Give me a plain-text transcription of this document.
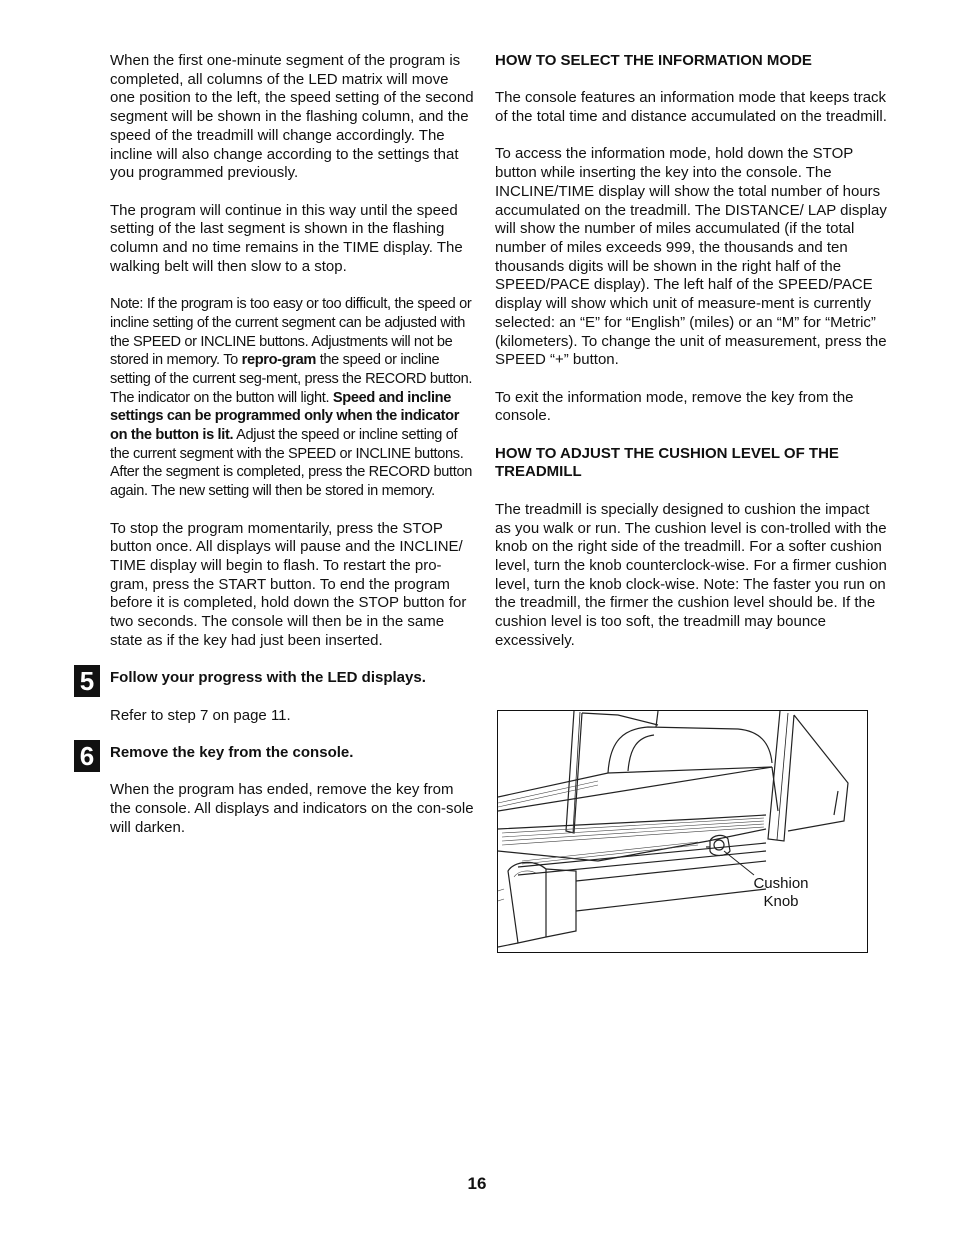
When the first one-minute segment of the program is completed, all columns of the LED matrix will move one position to the left, the speed setting of the second segment will be shown in the flashing column, and the speed of the treadmill will change accordingly. The incline will also change according to the settings that you programmed previously.

The program will continue in this way until the speed setting of the last segment is shown in the flashing column and no time remains in the TIME display. The walking belt will then slow to a stop.

Note: If the program is too easy or too difficult, the speed or incline setting of the current segment can be adjusted with the SPEED or INCLINE buttons. Adjustments will not be stored in memory. To repro-gram the speed or incline setting of the current seg-ment, press the RECORD button. The indicator on the button will light. Speed and incline settings can be programmed only when the indicator on the button is lit. Adjust the speed or incline setting of the current segment with the SPEED or INCLINE buttons. After the segment is completed, press the RECORD button again. The new setting will then be stored in memory.

To stop the program momentarily, press the STOP button once. All displays will pause and the INCLINE/ TIME display will begin to flash. To restart the pro-gram, press the START button. To end the program before it is completed, hold down the STOP button for two seconds. The console will then be in the same state as if the key had just been inserted.

5	Follow your progress with the LED displays.

Refer to step 7 on page 11.

6	Remove the key from the console.

When the program has ended, remove the key from the console. All displays and indicators on the con-sole will darken.

HOW TO SELECT THE INFORMATION MODE

The console features an information mode that keeps track of the total time and distance accumulated on the treadmill.

To access the information mode, hold down the STOP button while inserting the key into the console. The INCLINE/TIME display will show the total number of hours accumulated on the treadmill. The DISTANCE/ LAP display will show the number of miles accumulated (if the total number of miles exceeds 999, the thousands and ten thousands digits will be shown in the right half of the SPEED/PACE display). The left half of the SPEED/PACE display will show which unit of measure-ment is currently selected: an “E” for “English” (miles) or an “M” for “Metric” (kilometers). To change the unit of measurement, press the SPEED “+” button.

To exit the information mode, remove the key from the console.

HOW TO ADJUST THE CUSHION LEVEL OF THE TREADMILL

The treadmill is specially designed to cushion the impact as you walk or run. The cushion level is con-trolled with the knob on the right side of the treadmill. For a softer cushion level, turn the knob counterclock-wise. For a firmer cushion level, turn the knob clock-wise. Note: The faster you run on the treadmill, the firmer the cushion level should be. If the cushion level is too soft, the treadmill may bounce

excessively.

Cushion
Knob
16
